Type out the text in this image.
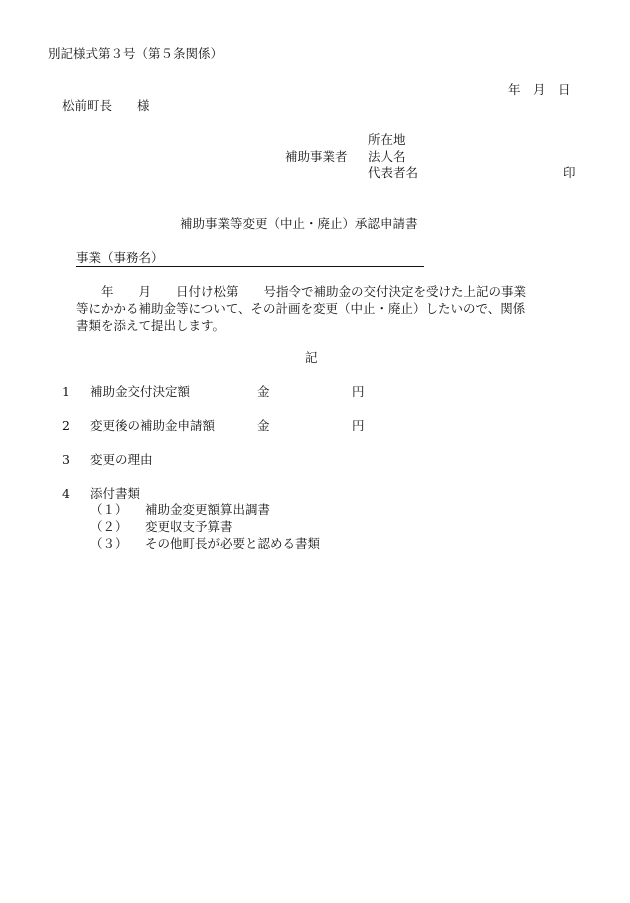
別記様式第３号（第５条関係）
年　月　日
松前町長　　様
所在地
補助事業者 法人名
代表者名	印
補助事業等変更（中止・廃止）承認申請書
事業（事務名）
　　年　　月　　日付け松第　　号指令で補助金の交付決定を受けた上記の事業
等にかかる補助金等について、その計画を変更（中止・廃止）したいので、関係
書類を添えて提出します。
記
1 補助金交付決定額	金	円
2 変更後の補助金申請額	金	円
3 変更の理由
4 添付書類
（１） 補助金変更額算出調書
（２） 変更収支予算書
（３） その他町長が必要と認める書類
